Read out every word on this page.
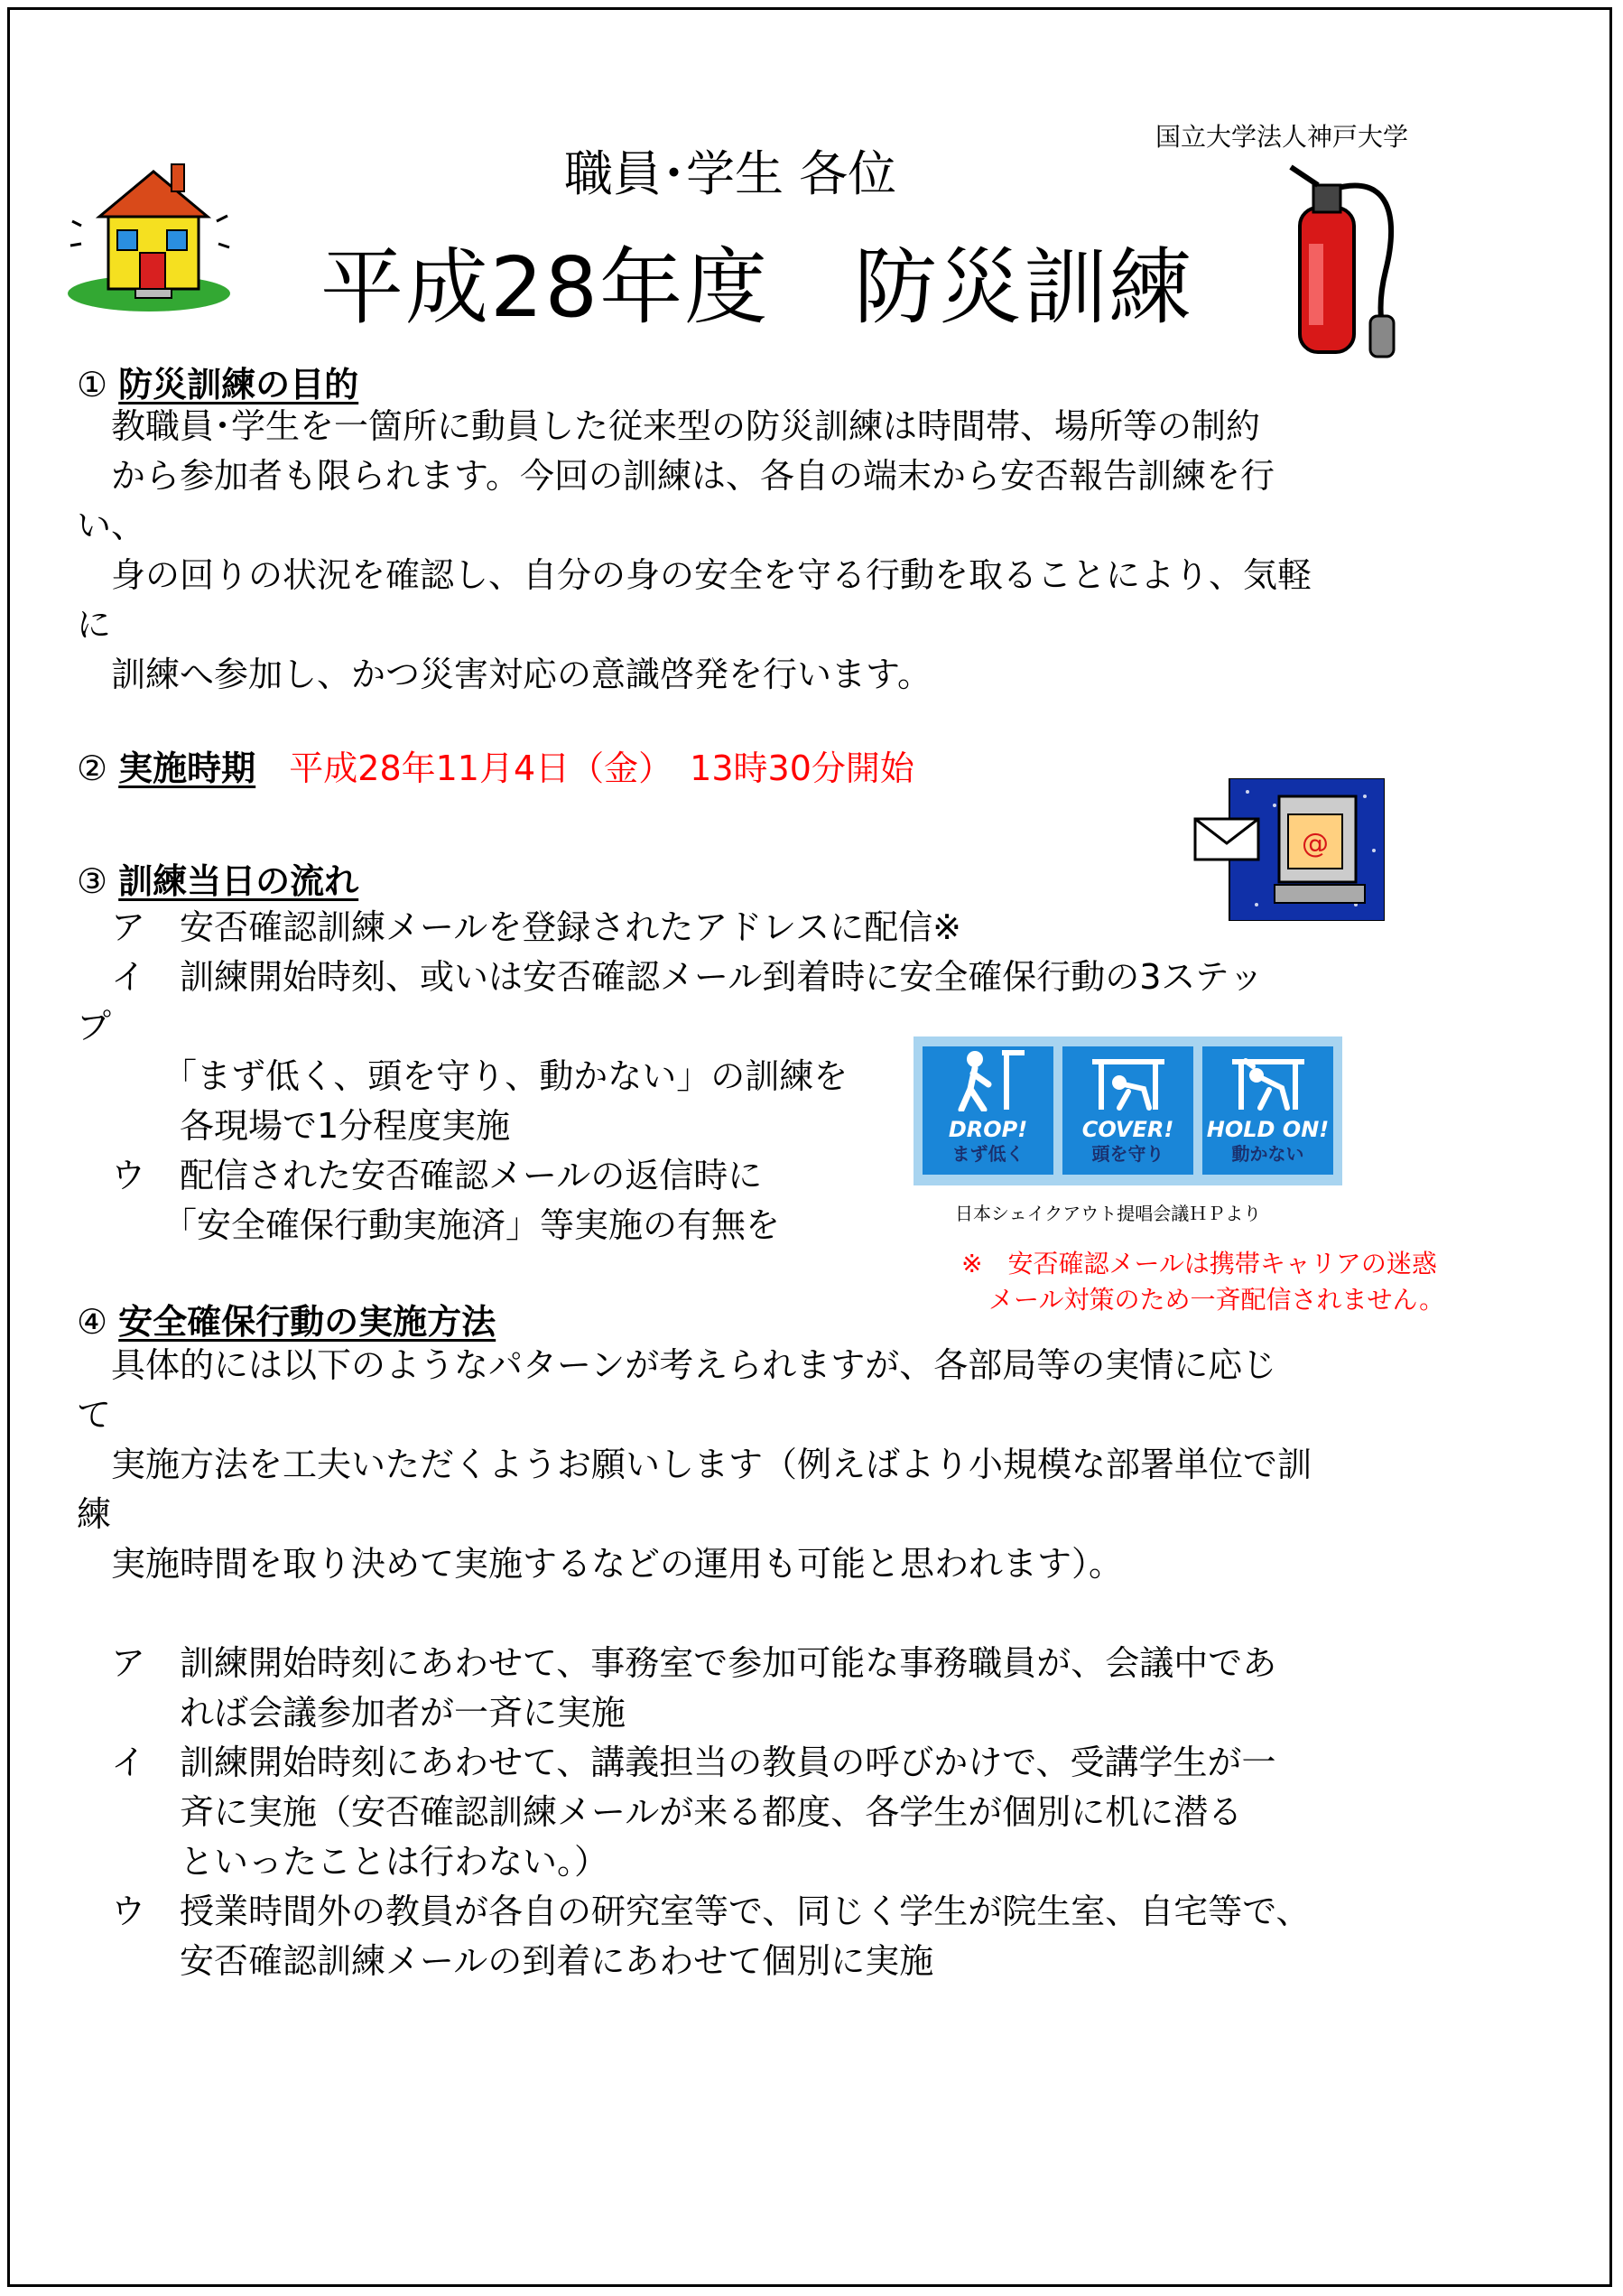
国立大学法人神戸大学
職員･学生 各位
平成28年度　防災訓練
① 防災訓練の目的
　教職員･学生を一箇所に動員した従来型の防災訓練は時間帯、場所等の制約
　から参加者も限られます。今回の訓練は、各自の端末から安否報告訓練を行
い、
　身の回りの状況を確認し、自分の身の安全を守る行動を取ることにより、気軽
に
　訓練へ参加し、かつ災害対応の意識啓発を行います。
② 実施時期 平成28年11月4日（金）　13時30分開始
@
③ 訓練当日の流れ
　ア　安否確認訓練メールを登録されたアドレスに配信※
　イ　訓練開始時刻、或いは安否確認メール到着時に安全確保行動の3ステッ
プ
　　　「まず低く、頭を守り、動かない」の訓練を
　　　各現場で1分程度実施
　ウ　配信された安否確認メールの返信時に
　　　「安全確保行動実施済」等実施の有無を
DROP!
まず低く
COVER!
頭を守り
HOLD ON!
動かない
日本シェイクアウト提唱会議ＨＰより
※　安否確認メールは携帯キャリアの迷惑
メール対策のため一斉配信されません。
④ 安全確保行動の実施方法
　具体的には以下のようなパターンが考えられますが、各部局等の実情に応じ
て
　実施方法を工夫いただくようお願いします（例えばより小規模な部署単位で訓
練
　実施時間を取り決めて実施するなどの運用も可能と思われます）。
　ア　訓練開始時刻にあわせて、事務室で参加可能な事務職員が、会議中であ
　　　れば会議参加者が一斉に実施
　イ　訓練開始時刻にあわせて、講義担当の教員の呼びかけで、受講学生が一
　　　斉に実施（安否確認訓練メールが来る都度、各学生が個別に机に潜る
　　　といったことは行わない。）
　ウ　授業時間外の教員が各自の研究室等で、同じく学生が院生室、自宅等で、
　　　安否確認訓練メールの到着にあわせて個別に実施
